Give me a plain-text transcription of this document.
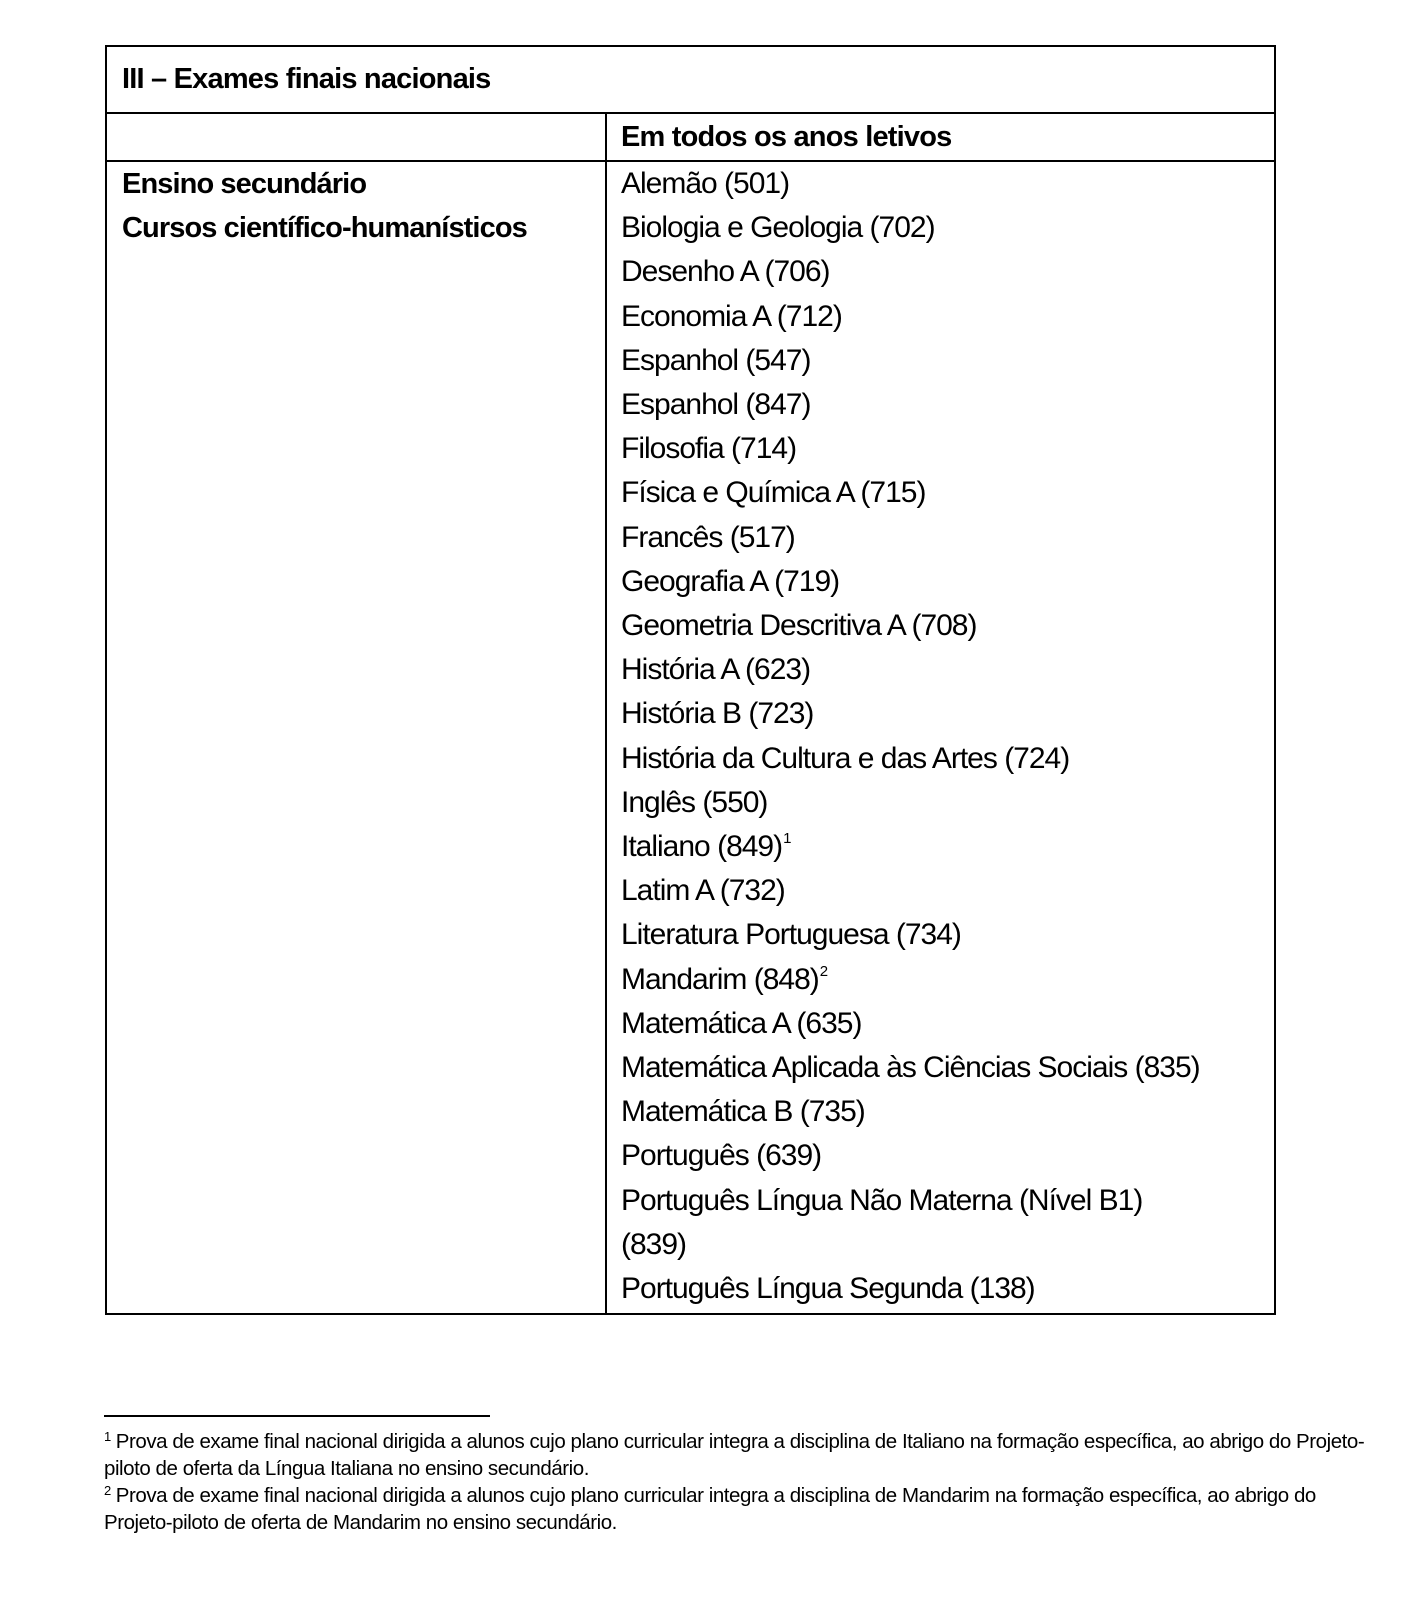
III – Exames finais nacionais
Em todos os anos letivos
Ensino secundário
Cursos científico-humanísticos
Alemão (501)
Biologia e Geologia (702)
Desenho A (706)
Economia A (712)
Espanhol (547)
Espanhol (847)
Filosofia (714)
Física e Química A (715)
Francês (517)
Geografia A (719)
Geometria Descritiva A (708)
História A (623)
História B (723)
História da Cultura e das Artes (724)
Inglês (550)
Italiano $(849)^1$
Latim A (732)
Literatura Portuguesa (734)
Mandarim $(848)^2$
Matemática A (635)
Matemática Aplicada às Ciências Sociais (835)
Matemática B (735)
Português (639)
Português Língua Não Materna (Nível B1) (839)
Português Língua Segunda (138)

$^1$ Prova de exame final nacional dirigida a alunos cujo plano curricular integra a disciplina de Italiano na formação específica, ao abrigo do Projeto-piloto de oferta da Língua Italiana no ensino secundário.

$^2$ Prova de exame final nacional dirigida a alunos cujo plano curricular integra a disciplina de Mandarim na formação específica, ao abrigo do Projeto-piloto de oferta de Mandarim no ensino secundário.
